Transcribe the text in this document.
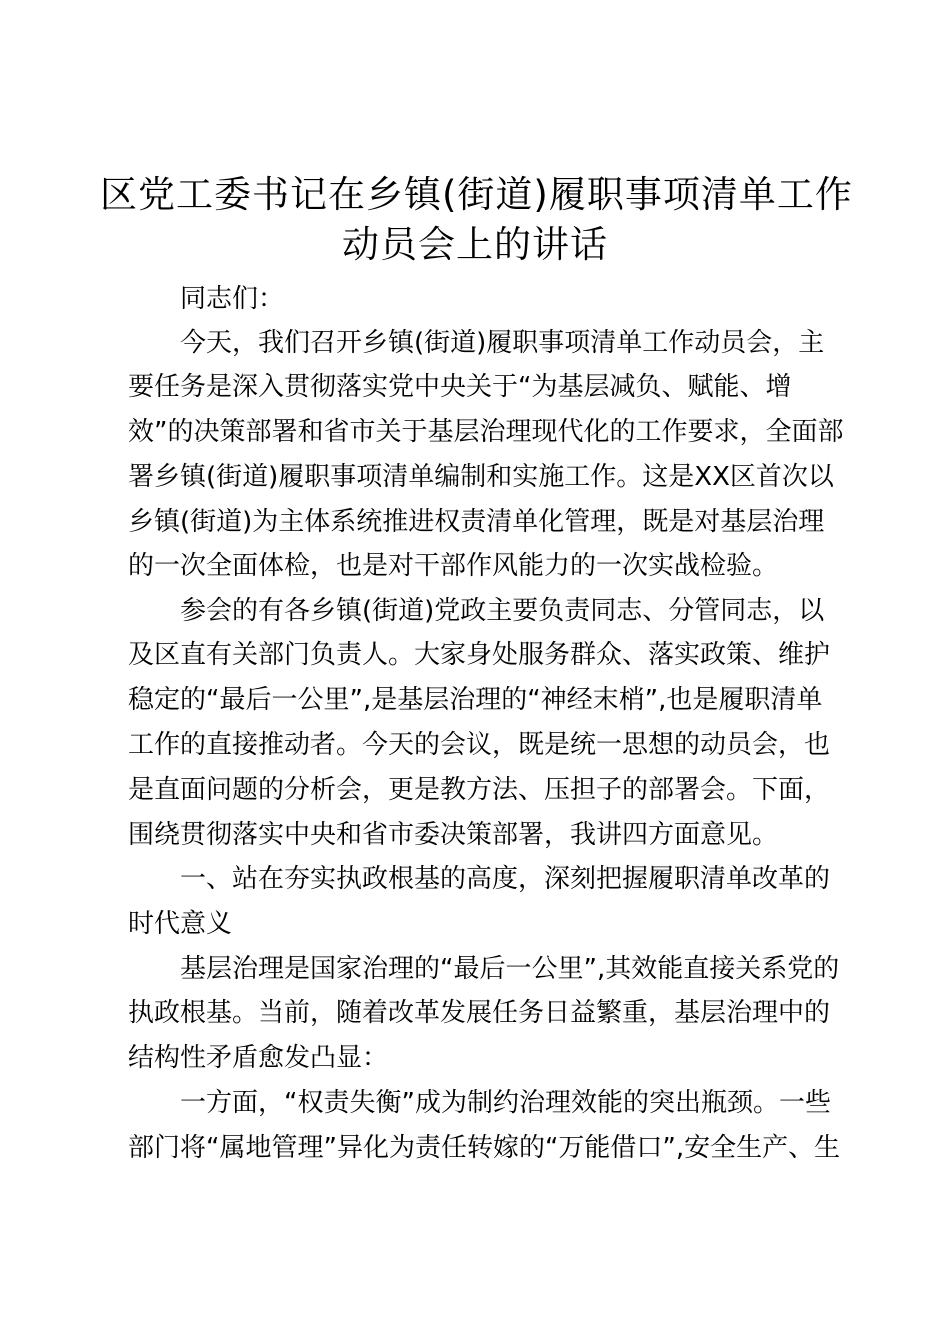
区党工委书记在乡镇(街道)履职事项清单工作
动员会上的讲话
同志们：
今天，我们召开乡镇(街道)履职事项清单工作动员会，主
要任务是深入贯彻落实党中央关于“为基层减负、赋能、增
效”的决策部署和省市关于基层治理现代化的工作要求，全面部
署乡镇(街道)履职事项清单编制和实施工作。这是XX区首次以
乡镇(街道)为主体系统推进权责清单化管理，既是对基层治理
的一次全面体检，也是对干部作风能力的一次实战检验。
参会的有各乡镇(街道)党政主要负责同志、分管同志，以
及区直有关部门负责人。大家身处服务群众、落实政策、维护
稳定的“最后一公里”,是基层治理的“神经末梢”,也是履职清单
工作的直接推动者。今天的会议，既是统一思想的动员会，也
是直面问题的分析会，更是教方法、压担子的部署会。下面，
围绕贯彻落实中央和省市委决策部署，我讲四方面意见。
一、站在夯实执政根基的高度，深刻把握履职清单改革的
时代意义
基层治理是国家治理的“最后一公里”,其效能直接关系党的
执政根基。当前，随着改革发展任务日益繁重，基层治理中的
结构性矛盾愈发凸显：
一方面，“权责失衡”成为制约治理效能的突出瓶颈。一些
部门将“属地管理”异化为责任转嫁的“万能借口”,安全生产、生
